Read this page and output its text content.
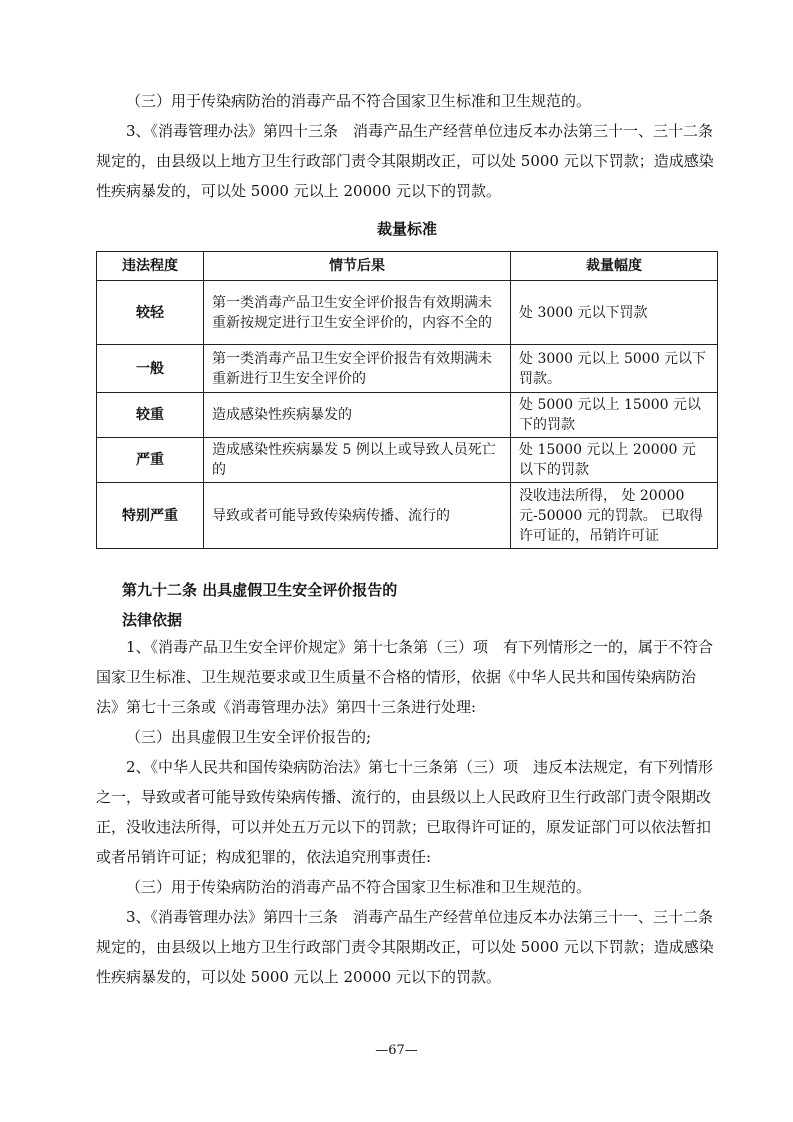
（三）用于传染病防治的消毒产品不符合国家卫生标准和卫生规范的。

3、《消毒管理办法》第四十三条　消毒产品生产经营单位违反本办法第三十一、三十二条规定的，由县级以上地方卫生行政部门责令其限期改正，可以处 5000 元以下罚款；造成感染性疾病暴发的，可以处 5000 元以上 20000 元以下的罚款。

裁量标准
违法程度	情节后果	裁量幅度
较轻	第一类消毒产品卫生安全评价报告有效期满未重新按规定进行卫生安全评价的，内容不全的	处 3000 元以下罚款
一般	第一类消毒产品卫生安全评价报告有效期满未重新进行卫生安全评价的	处 3000 元以上 5000 元以下罚款。
较重	造成感染性疾病暴发的	处 5000 元以上 15000 元以下的罚款
严重	造成感染性疾病暴发 5 例以上或导致人员死亡的	处 15000 元以上 20000 元以下的罚款
特别严重	导致或者可能导致传染病传播、流行的	没收违法所得， 处 20000 元-50000 元的罚款。 已取得许可证的，吊销许可证
第九十二条 出具虚假卫生安全评价报告的
法律依据

1、《消毒产品卫生安全评价规定》第十七条第（三）项　有下列情形之一的，属于不符合国家卫生标准、卫生规范要求或卫生质量不合格的情形，依据《中华人民共和国传染病防治法》第七十三条或《消毒管理办法》第四十三条进行处理:

（三）出具虚假卫生安全评价报告的;

2、《中华人民共和国传染病防治法》第七十三条第（三）项　违反本法规定，有下列情形之一，导致或者可能导致传染病传播、流行的，由县级以上人民政府卫生行政部门责令限期改正，没收违法所得，可以并处五万元以下的罚款；已取得许可证的，原发证部门可以依法暂扣或者吊销许可证；构成犯罪的，依法追究刑事责任:

（三）用于传染病防治的消毒产品不符合国家卫生标准和卫生规范的。

3、《消毒管理办法》第四十三条　消毒产品生产经营单位违反本办法第三十一、三十二条规定的，由县级以上地方卫生行政部门责令其限期改正，可以处 5000 元以下罚款；造成感染性疾病暴发的，可以处 5000 元以上 20000 元以下的罚款。

—67—
